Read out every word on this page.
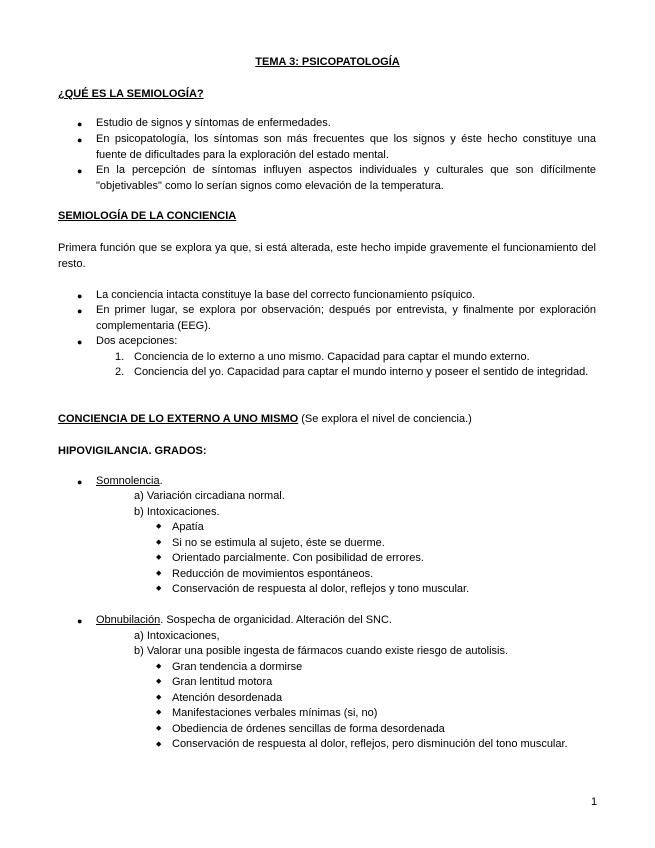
TEMA 3: PSICOPATOLOGÍA
¿QUÉ ES LA SEMIOLOGÍA?
● Estudio de signos y síntomas de enfermedades.
● En psicopatología, los síntomas son más frecuentes que los signos y éste hecho constituye una fuente de dificultades para la exploración del estado mental.
● En la percepción de síntomas influyen aspectos individuales y culturales que son difícilmente "objetivables" como lo serían signos como elevación de la temperatura.
SEMIOLOGÍA DE LA CONCIENCIA
Primera función que se explora ya que, si está alterada, este hecho impide gravemente el funcionamiento del resto.
● La conciencia intacta constituye la base del correcto funcionamiento psíquico.
● En primer lugar, se explora por observación; después por entrevista, y finalmente por exploración complementaria (EEG).
● Dos acepciones:
1. Conciencia de lo externo a uno mismo. Capacidad para captar el mundo externo.
2. Conciencia del yo. Capacidad para captar el mundo interno y poseer el sentido de integridad.
CONCIENCIA DE LO EXTERNO A UNO MISMO (Se explora el nivel de conciencia.)
HIPOVIGILANCIA. GRADOS:
● Somnolencia.
a) Variación circadiana normal.
b) Intoxicaciones.
◆ Apatía
◆ Si no se estimula al sujeto, éste se duerme.
◆ Orientado parcialmente. Con posibilidad de errores.
◆ Reducción de movimientos espontáneos.
◆ Conservación de respuesta al dolor, reflejos y tono muscular.
● Obnubilación. Sospecha de organicidad. Alteración del SNC.
a) Intoxicaciones,
b) Valorar una posible ingesta de fármacos cuando existe riesgo de autolisis.
◆ Gran tendencia a dormirse
◆ Gran lentitud motora
◆ Atención desordenada
◆ Manifestaciones verbales mínimas (si, no)
◆ Obediencia de órdenes sencillas de forma desordenada
◆ Conservación de respuesta al dolor, reflejos, pero disminución del tono muscular.
1
